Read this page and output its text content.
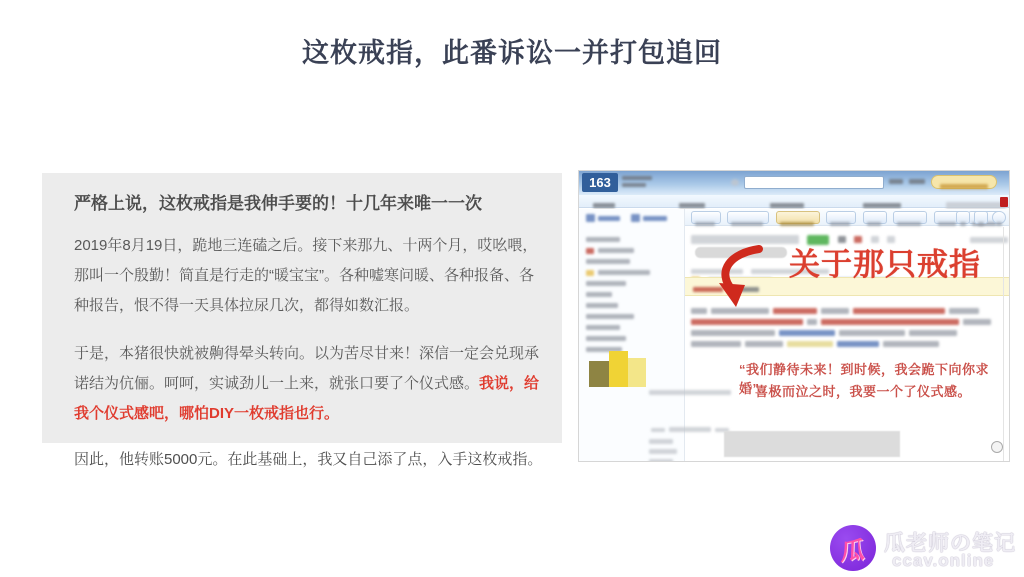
这枚戒指，此番诉讼一并打包追回
严格上说，这枚戒指是我伸手要的！十几年来唯一一次
2019年8月19日，跪地三连磕之后。接下来那九、十两个月，哎吆喂，那叫一个殷勤！简直是行走的“暖宝宝”。各种嘘寒问暖、各种报备、各种报告，恨不得一天具体拉尿几次，都得如数汇报。
于是，本猪很快就被齁得晕头转向。以为苦尽甘来！深信一定会兑现承诺结为伉俪。呵呵，实诚劲儿一上来，就张口要了个仪式感。我说，给我个仪式感吧，哪怕DIY一枚戒指也行。
因此，他转账5000元。在此基础上，我又自己添了点，入手这枚戒指。
163

关于那只戒指
“我们静待未来！到时候，我会跪下向你求婚”
喜极而泣之时，我要一个了仪式感。
瓜 瓜老师の笔记
ccav.online
